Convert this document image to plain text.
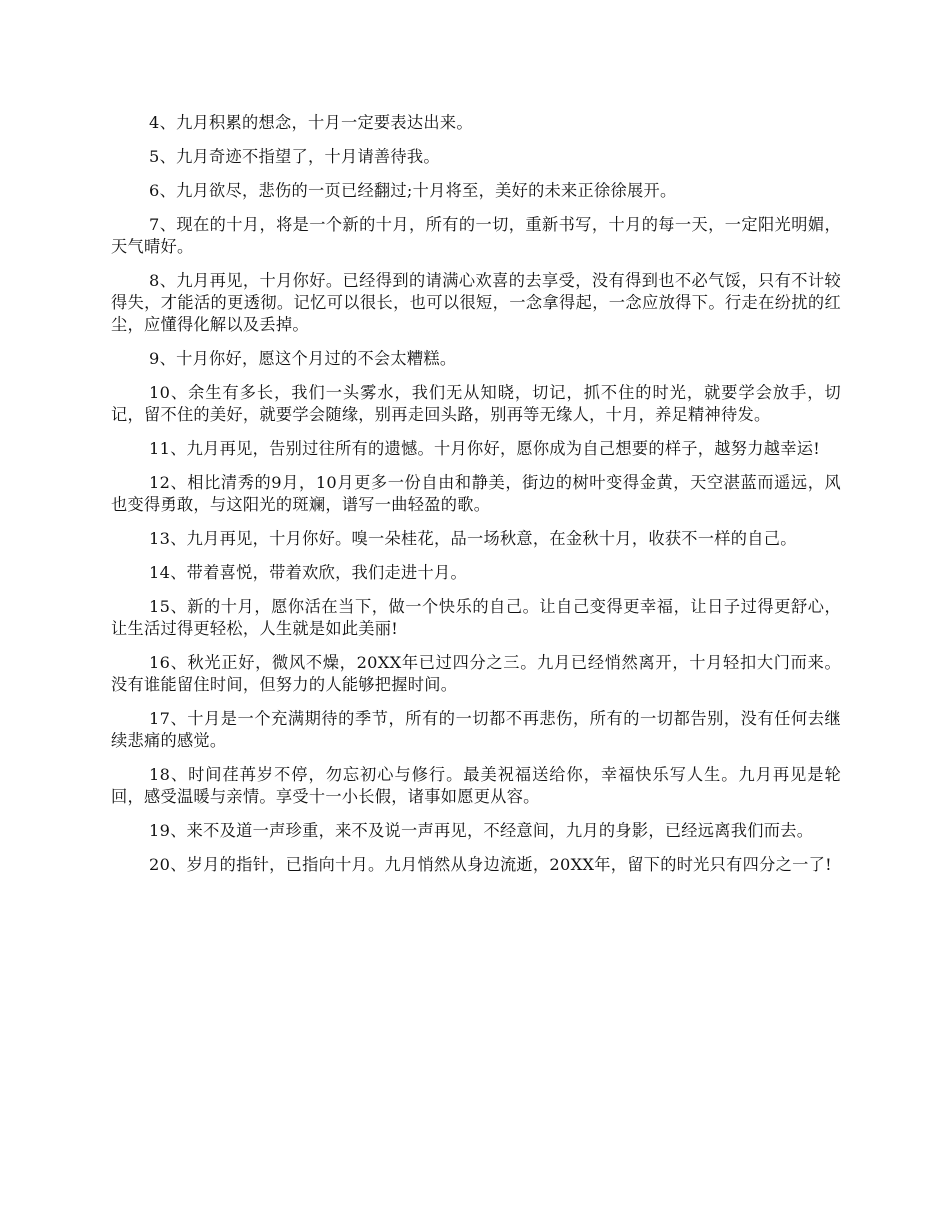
4、九月积累的想念，十月一定要表达出来。

5、九月奇迹不指望了，十月请善待我。

6、九月欲尽，悲伤的一页已经翻过;十月将至，美好的未来正徐徐展开。

7、现在的十月，将是一个新的十月，所有的一切，重新书写，十月的每一天，一定阳光明媚，天气晴好。

8、九月再见，十月你好。已经得到的请满心欢喜的去享受，没有得到也不必气馁，只有不计较得失，才能活的更透彻。记忆可以很长，也可以很短，一念拿得起，一念应放得下。行走在纷扰的红尘，应懂得化解以及丢掉。

9、十月你好，愿这个月过的不会太糟糕。

10、余生有多长，我们一头雾水，我们无从知晓，切记，抓不住的时光，就要学会放手，切记，留不住的美好，就要学会随缘，别再走回头路，别再等无缘人，十月，养足精神待发。

11、九月再见，告别过往所有的遗憾。十月你好，愿你成为自己想要的样子，越努力越幸运!

12、相比清秀的9月，10月更多一份自由和静美，街边的树叶变得金黄，天空湛蓝而遥远，风也变得勇敢，与这阳光的斑斓，谱写一曲轻盈的歌。

13、九月再见，十月你好。嗅一朵桂花，品一场秋意，在金秋十月，收获不一样的自己。

14、带着喜悦，带着欢欣，我们走进十月。

15、新的十月，愿你活在当下，做一个快乐的自己。让自己变得更幸福，让日子过得更舒心，让生活过得更轻松，人生就是如此美丽!

16、秋光正好，微风不燥，20XX年已过四分之三。九月已经悄然离开，十月轻扣大门而来。没有谁能留住时间，但努力的人能够把握时间。

17、十月是一个充满期待的季节，所有的一切都不再悲伤，所有的一切都告别，没有任何去继续悲痛的感觉。

18、时间荏苒岁不停，勿忘初心与修行。最美祝福送给你，幸福快乐写人生。九月再见是轮回，感受温暖与亲情。享受十一小长假，诸事如愿更从容。

19、来不及道一声珍重，来不及说一声再见，不经意间，九月的身影，已经远离我们而去。

20、岁月的指针，已指向十月。九月悄然从身边流逝，20XX年，留下的时光只有四分之一了!
